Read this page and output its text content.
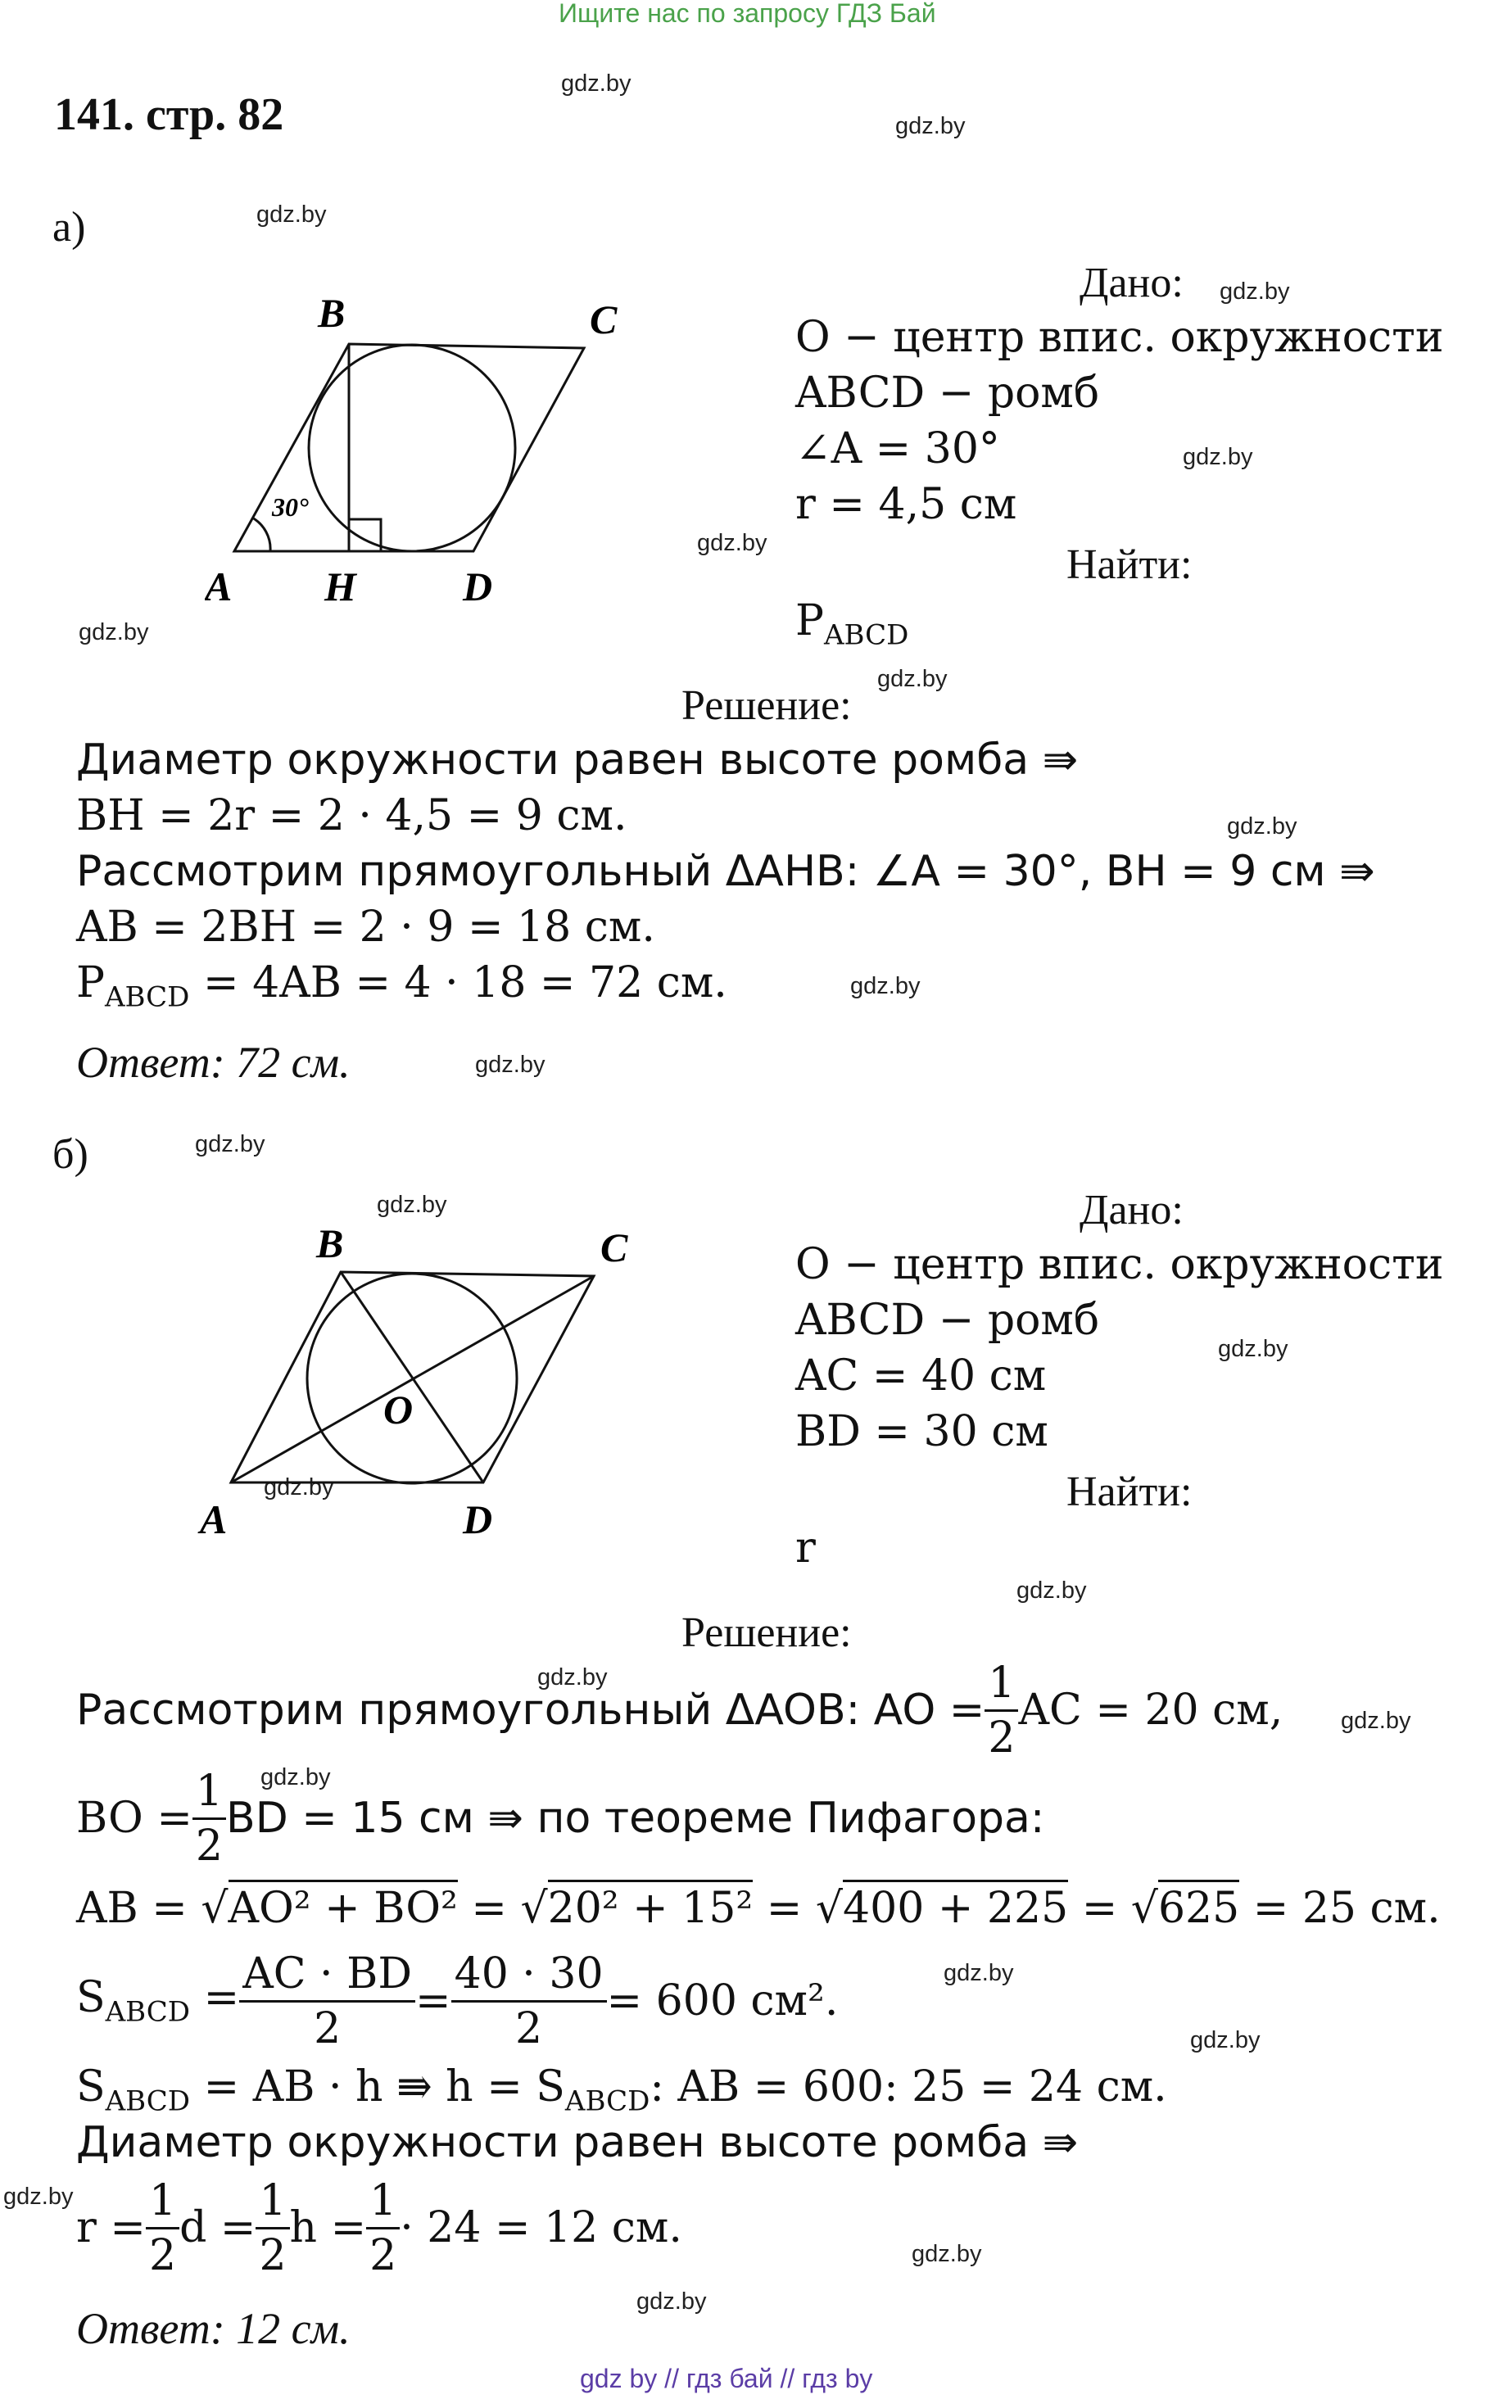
Ищите нас по запросу ГДЗ Бай
141. стр. 82
gdz.by
gdz.by
gdz.by
gdz.by
gdz.by
gdz.by
gdz.by
gdz.by
gdz.by
gdz.by
gdz.by
gdz.by
gdz.by
gdz.by
gdz.by
gdz.by
gdz.by
gdz.by
gdz.by
gdz.by
gdz.by
gdz.by
gdz.by
gdz.by
а)
B	C
A H	D
30°
Дано:
O − центр впис. окружности
ABCD − ромб
∠A = 30°
r = 4,5 см
Найти:
$P_{ABCD}$
Решение:
Диаметр окружности равен высоте ромба ⇛
BH = 2r = 2 · 4,5 = 9 см.
Рассмотрим прямоугольный ΔAHB: ∠A = 30°, BH = 9 см ⇛
AB = 2BH = 2 · 9 = 18 см.
$P_{ABCD} = 4AB = 4 \cdot 18 = 72$ см.
Ответ: 72 см.
б)
B	C
O
A	D
Дано:
O − центр впис. окружности
ABCD − ромб
AC = 40 см
BD = 30 см
Найти:
r
Решение:
Рассмотрим прямоугольный ΔAOB: AO = $\frac{1}{2}$ AC = 20 см,
BO = $\frac{1}{2}$ BD = 15 см ⇛ по теореме Пифагора:
AB = √AO² + BO² = √20² + 15² = √400 + 225 = √625 = 25 см.
$S_{ABCD} = \frac{AC \cdot BD}{2} = \frac{40 \cdot 30}{2} = 600$ см².
$S_{ABCD}$ = AB · h ⇛ $h = S_{ABCD}$: AB = 600: 25 = 24 см.
Диаметр окружности равен высоте ромба ⇛
$r = \frac{1}{2}$ $d = \frac{1}{2}$ $h = \frac{1}{2} \cdot 24 = 12$ см.
Ответ: 12 см.
gdz by // гдз бай // гдз by
